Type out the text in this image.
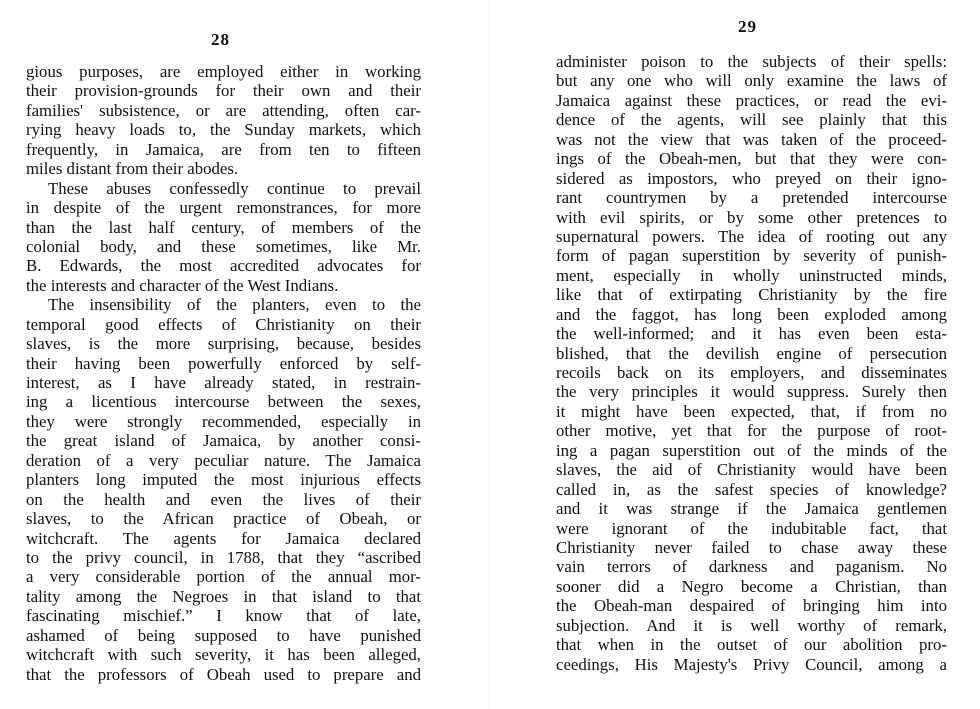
28
gious purposes, are employed either in working
their provision-grounds for their own and their
families' subsistence, or are attending, often car-
rying heavy loads to, the Sunday markets, which
frequently, in Jamaica, are from ten to fifteen
miles distant from their abodes.
These abuses confessedly continue to prevail
in despite of the urgent remonstrances, for more
than the last half century, of members of the
colonial body, and these sometimes, like Mr.
B. Edwards, the most accredited advocates for
the interests and character of the West Indians.
The insensibility of the planters, even to the
temporal good effects of Christianity on their
slaves, is the more surprising, because, besides
their having been powerfully enforced by self-
interest, as I have already stated, in restrain-
ing a licentious intercourse between the sexes,
they were strongly recommended, especially in
the great island of Jamaica, by another consi-
deration of a very peculiar nature. The Jamaica
planters long imputed the most injurious effects
on the health and even the lives of their
slaves, to the African practice of Obeah, or
witchcraft. The agents for Jamaica declared
to the privy council, in 1788, that they “ascribed
a very considerable portion of the annual mor-
tality among the Negroes in that island to that
fascinating mischief.” I know that of late,
ashamed of being supposed to have punished
witchcraft with such severity, it has been alleged,
that the professors of Obeah used to prepare and
29
administer poison to the subjects of their spells:
but any one who will only examine the laws of
Jamaica against these practices, or read the evi-
dence of the agents, will see plainly that this
was not the view that was taken of the proceed-
ings of the Obeah-men, but that they were con-
sidered as impostors, who preyed on their igno-
rant countrymen by a pretended intercourse
with evil spirits, or by some other pretences to
supernatural powers. The idea of rooting out any
form of pagan superstition by severity of punish-
ment, especially in wholly uninstructed minds,
like that of extirpating Christianity by the fire
and the faggot, has long been exploded among
the well-informed; and it has even been esta-
blished, that the devilish engine of persecution
recoils back on its employers, and disseminates
the very principles it would suppress. Surely then
it might have been expected, that, if from no
other motive, yet that for the purpose of root-
ing a pagan superstition out of the minds of the
slaves, the aid of Christianity would have been
called in, as the safest species of knowledge?
and it was strange if the Jamaica gentlemen
were ignorant of the indubitable fact, that
Christianity never failed to chase away these
vain terrors of darkness and paganism. No
sooner did a Negro become a Christian, than
the Obeah-man despaired of bringing him into
subjection. And it is well worthy of remark,
that when in the outset of our abolition pro-
ceedings, His Majesty's Privy Council, among a
